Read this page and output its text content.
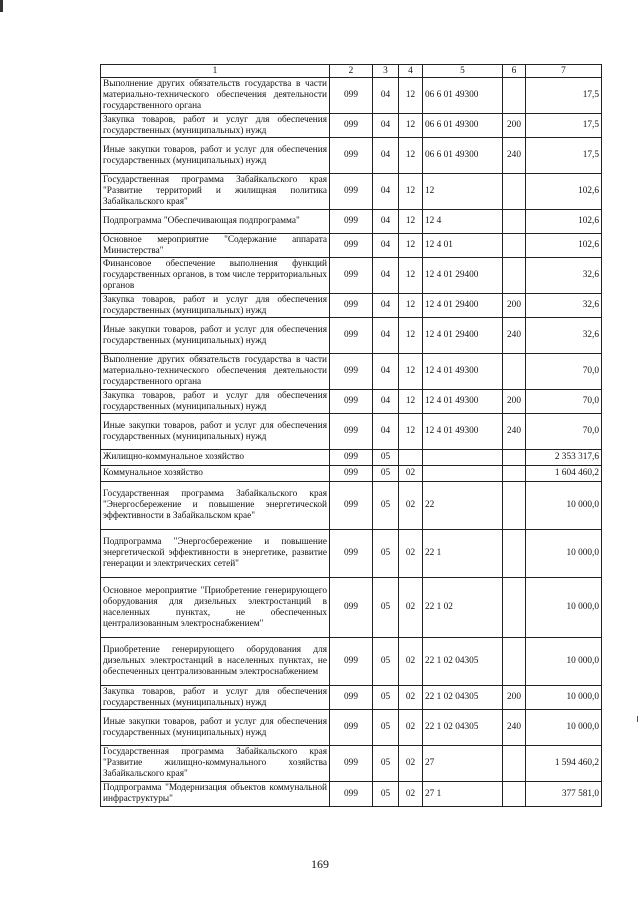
1	2	3	4	5	6	7
Выполнение других обязательств государства в части материально-технического обеспечения деятельности государственного органа	099	04	12	06 6 01 49300		17,5
Закупка товаров, работ и услуг для обеспечения государственных (муниципальных) нужд	099	04	12	06 6 01 49300	200	17,5
Иные закупки товаров, работ и услуг для обеспечения государственных (муниципальных) нужд	099	04	12	06 6 01 49300	240	17,5
Государственная программа Забайкальского края "Развитие территорий и жилищная политика Забайкальского края"	099	04	12	12		102,6
Подпрограмма "Обеспечивающая подпрограмма"	099	04	12	12 4		102,6
Основное мероприятие "Содержание аппарата Министерства"	099	04	12	12 4 01		102,6
Финансовое обеспечение выполнения функций государственных органов, в том числе территориальных органов	099	04	12	12 4 01 29400		32,6
Закупка товаров, работ и услуг для обеспечения государственных (муниципальных) нужд	099	04	12	12 4 01 29400	200	32,6
Иные закупки товаров, работ и услуг для обеспечения государственных (муниципальных) нужд	099	04	12	12 4 01 29400	240	32,6
Выполнение других обязательств государства в части материально-технического обеспечения деятельности государственного органа	099	04	12	12 4 01 49300		70,0
Закупка товаров, работ и услуг для обеспечения государственных (муниципальных) нужд	099	04	12	12 4 01 49300	200	70,0
Иные закупки товаров, работ и услуг для обеспечения государственных (муниципальных) нужд	099	04	12	12 4 01 49300	240	70,0
Жилищно-коммунальное хозяйство	099	05				2 353 317,6
Коммунальное хозяйство	099	05	02			1 604 460,2
Государственная программа Забайкальского края "Энергосбережение и повышение энергетической эффективности в Забайкальском крае"	099	05	02	22		10 000,0
Подпрограмма "Энергосбережение и повышение энергетической эффективности в энергетике, развитие генерации и электрических сетей"	099	05	02	22 1		10 000,0
Основное мероприятие "Приобретение генерирующего оборудования для дизельных электростанций в населенных пунктах, не обеспеченных централизованным электроснабжением"	099	05	02	22 1 02		10 000,0
Приобретение генерирующего оборудования для дизельных электростанций в населенных пунктах, не обеспеченных централизованным электроснабжением	099	05	02	22 1 02 04305		10 000,0
Закупка товаров, работ и услуг для обеспечения государственных (муниципальных) нужд	099	05	02	22 1 02 04305	200	10 000,0
Иные закупки товаров, работ и услуг для обеспечения государственных (муниципальных) нужд	099	05	02	22 1 02 04305	240	10 000,0
Государственная программа Забайкальского края "Развитие жилищно-коммунального хозяйства Забайкальского края"	099	05	02	27		1 594 460,2
Подпрограмма "Модернизация объектов коммунальной инфраструктуры"	099	05	02	27 1		377 581,0
169
